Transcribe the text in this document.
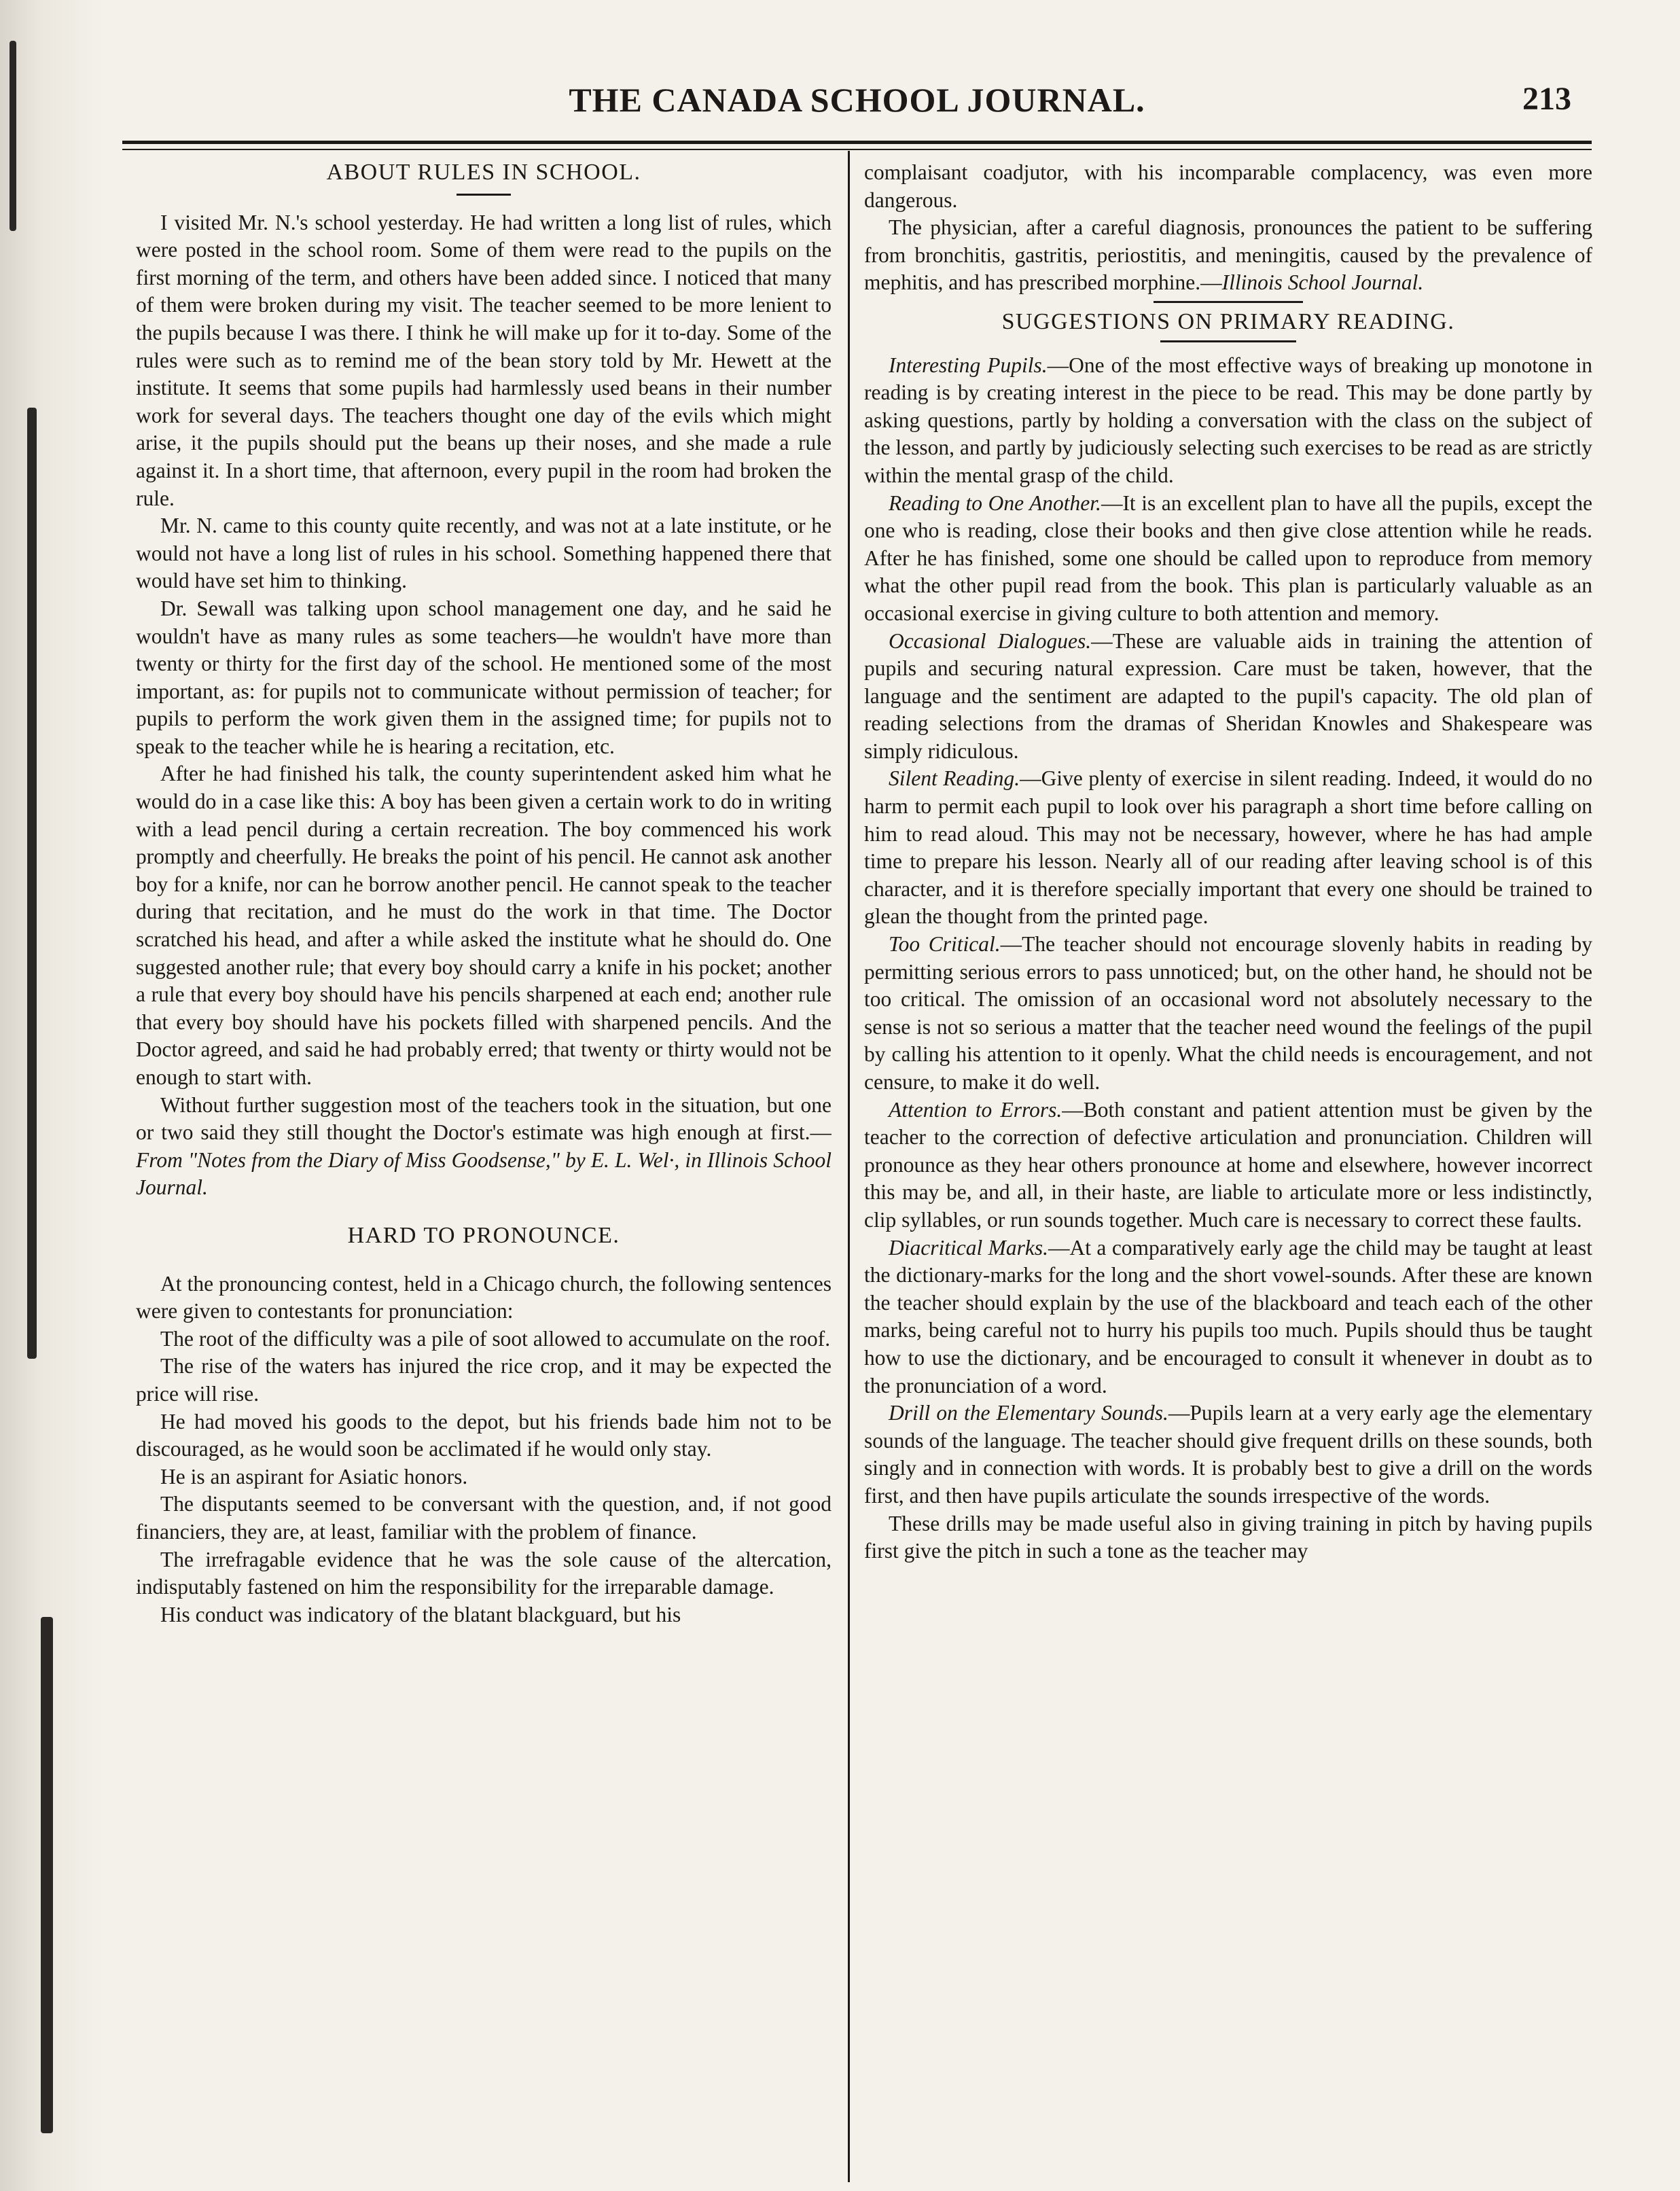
THE CANADA SCHOOL JOURNAL.	213
ABOUT RULES IN SCHOOL.

I visited Mr. N.'s school yesterday. He had written a long list of rules, which were posted in the school room. Some of them were read to the pupils on the first morning of the term, and others have been added since. I noticed that many of them were broken during my visit. The teacher seemed to be more lenient to the pupils because I was there. I think he will make up for it to-day. Some of the rules were such as to remind me of the bean story told by Mr. Hewett at the institute. It seems that some pupils had harmlessly used beans in their number work for several days. The teachers thought one day of the evils which might arise, it the pupils should put the beans up their noses, and she made a rule against it. In a short time, that afternoon, every pupil in the room had broken the rule.

Mr. N. came to this county quite recently, and was not at a late institute, or he would not have a long list of rules in his school. Something happened there that would have set him to thinking.

Dr. Sewall was talking upon school management one day, and he said he wouldn't have as many rules as some teachers—he wouldn't have more than twenty or thirty for the first day of the school. He mentioned some of the most important, as: for pupils not to communicate without permission of teacher; for pupils to perform the work given them in the assigned time; for pupils not to speak to the teacher while he is hearing a recitation, etc.

After he had finished his talk, the county superintendent asked him what he would do in a case like this: A boy has been given a certain work to do in writing with a lead pencil during a certain recreation. The boy commenced his work promptly and cheerfully. He breaks the point of his pencil. He cannot ask another boy for a knife, nor can he borrow another pencil. He cannot speak to the teacher during that recitation, and he must do the work in that time. The Doctor scratched his head, and after a while asked the institute what he should do. One suggested another rule; that every boy should carry a knife in his pocket; another a rule that every boy should have his pencils sharpened at each end; another rule that every boy should have his pockets filled with sharpened pencils. And the Doctor agreed, and said he had probably erred; that twenty or thirty would not be enough to start with.

Without further suggestion most of the teachers took in the situation, but one or two said they still thought the Doctor's estimate was high enough at first.—From "Notes from the Diary of Miss Goodsense," by E. L. Wel·, in Illinois School Journal.

HARD TO PRONOUNCE.

At the pronouncing contest, held in a Chicago church, the following sentences were given to contestants for pronunciation:

The root of the difficulty was a pile of soot allowed to accumulate on the roof.

The rise of the waters has injured the rice crop, and it may be expected the price will rise.

He had moved his goods to the depot, but his friends bade him not to be discouraged, as he would soon be acclimated if he would only stay.

He is an aspirant for Asiatic honors.

The disputants seemed to be conversant with the question, and, if not good financiers, they are, at least, familiar with the problem of finance.

The irrefragable evidence that he was the sole cause of the altercation, indisputably fastened on him the responsibility for the irreparable damage.

His conduct was indicatory of the blatant blackguard, but his

complaisant coadjutor, with his incomparable complacency, was even more dangerous.

The physician, after a careful diagnosis, pronounces the patient to be suffering from bronchitis, gastritis, periostitis, and meningitis, caused by the prevalence of mephitis, and has prescribed morphine.—Illinois School Journal.

SUGGESTIONS ON PRIMARY READING.

Interesting Pupils.—One of the most effective ways of breaking up monotone in reading is by creating interest in the piece to be read. This may be done partly by asking questions, partly by holding a conversation with the class on the subject of the lesson, and partly by judiciously selecting such exercises to be read as are strictly within the mental grasp of the child.

Reading to One Another.—It is an excellent plan to have all the pupils, except the one who is reading, close their books and then give close attention while he reads. After he has finished, some one should be called upon to reproduce from memory what the other pupil read from the book. This plan is particularly valuable as an occasional exercise in giving culture to both attention and memory.

Occasional Dialogues.—These are valuable aids in training the attention of pupils and securing natural expression. Care must be taken, however, that the language and the sentiment are adapted to the pupil's capacity. The old plan of reading selections from the dramas of Sheridan Knowles and Shakespeare was simply ridiculous.

Silent Reading.—Give plenty of exercise in silent reading. Indeed, it would do no harm to permit each pupil to look over his paragraph a short time before calling on him to read aloud. This may not be necessary, however, where he has had ample time to prepare his lesson. Nearly all of our reading after leaving school is of this character, and it is therefore specially important that every one should be trained to glean the thought from the printed page.

Too Critical.—The teacher should not encourage slovenly habits in reading by permitting serious errors to pass unnoticed; but, on the other hand, he should not be too critical. The omission of an occasional word not absolutely necessary to the sense is not so serious a matter that the teacher need wound the feelings of the pupil by calling his attention to it openly. What the child needs is encouragement, and not censure, to make it do well.

Attention to Errors.—Both constant and patient attention must be given by the teacher to the correction of defective articulation and pronunciation. Children will pronounce as they hear others pronounce at home and elsewhere, however incorrect this may be, and all, in their haste, are liable to articulate more or less indistinctly, clip syllables, or run sounds together. Much care is necessary to correct these faults.

Diacritical Marks.—At a comparatively early age the child may be taught at least the dictionary-marks for the long and the short vowel-sounds. After these are known the teacher should explain by the use of the blackboard and teach each of the other marks, being careful not to hurry his pupils too much. Pupils should thus be taught how to use the dictionary, and be encouraged to consult it whenever in doubt as to the pronunciation of a word.

Drill on the Elementary Sounds.—Pupils learn at a very early age the elementary sounds of the language. The teacher should give frequent drills on these sounds, both singly and in connection with words. It is probably best to give a drill on the words first, and then have pupils articulate the sounds irrespective of the words.

These drills may be made useful also in giving training in pitch by having pupils first give the pitch in such a tone as the teacher may
